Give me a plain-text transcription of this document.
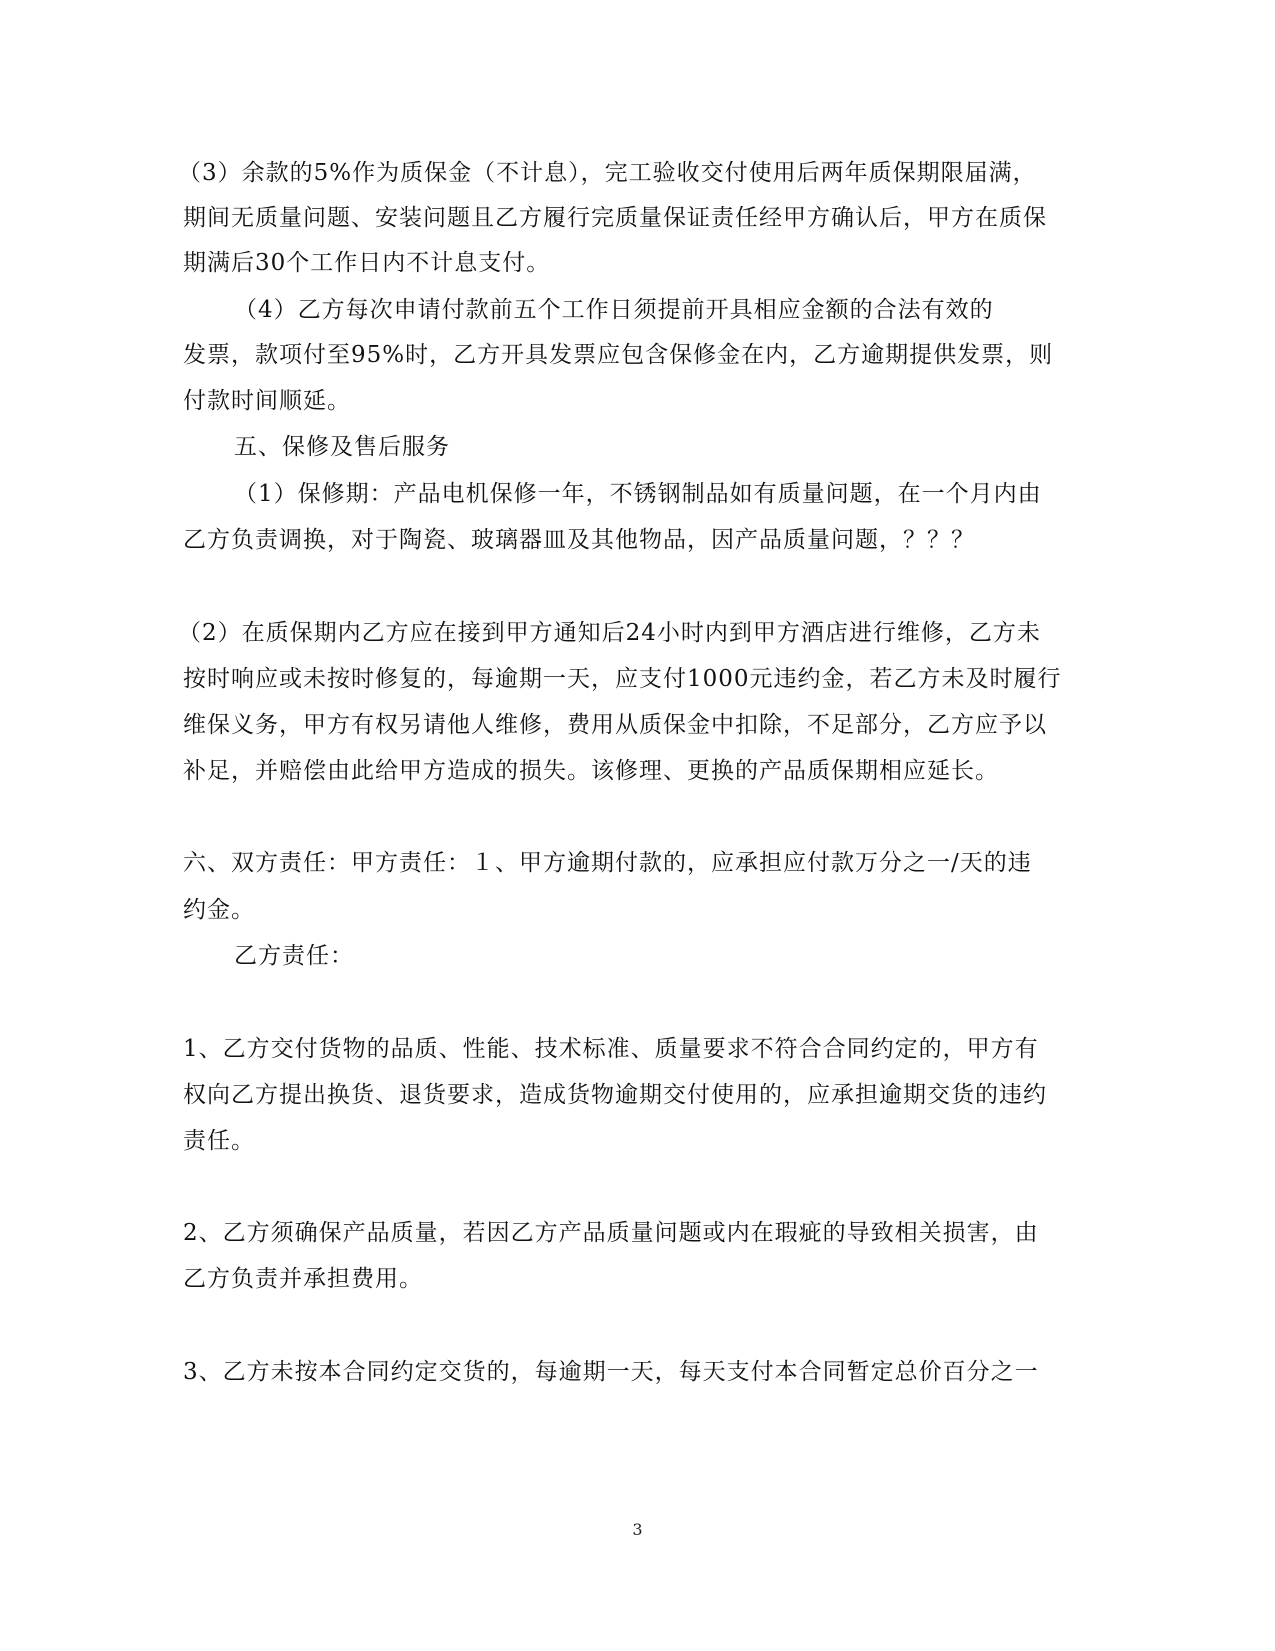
（3）余款的5%作为质保金（不计息），完工验收交付使用后两年质保期限届满，
期间无质量问题、安装问题且乙方履行完质量保证责任经甲方确认后，甲方在质保
期满后30个工作日内不计息支付。
（4）乙方每次申请付款前五个工作日须提前开具相应金额的合法有效的
发票，款项付至95%时，乙方开具发票应包含保修金在内，乙方逾期提供发票，则
付款时间顺延。
五、保修及售后服务
（1）保修期：产品电机保修一年，不锈钢制品如有质量问题，在一个月内由
乙方负责调换，对于陶瓷、玻璃器皿及其他物品，因产品质量问题，？？？
（2）在质保期内乙方应在接到甲方通知后24小时内到甲方酒店进行维修，乙方未
按时响应或未按时修复的，每逾期一天，应支付1000元违约金，若乙方未及时履行
维保义务，甲方有权另请他人维修，费用从质保金中扣除，不足部分，乙方应予以
补足，并赔偿由此给甲方造成的损失。该修理、更换的产品质保期相应延长。
六、双方责任：甲方责任：１、甲方逾期付款的，应承担应付款万分之一/天的违
约金。
乙方责任：
1、乙方交付货物的品质、性能、技术标准、质量要求不符合合同约定的，甲方有
权向乙方提出换货、退货要求，造成货物逾期交付使用的，应承担逾期交货的违约
责任。
2、乙方须确保产品质量，若因乙方产品质量问题或内在瑕疵的导致相关损害，由
乙方负责并承担费用。
3、乙方未按本合同约定交货的，每逾期一天，每天支付本合同暂定总价百分之一
3
